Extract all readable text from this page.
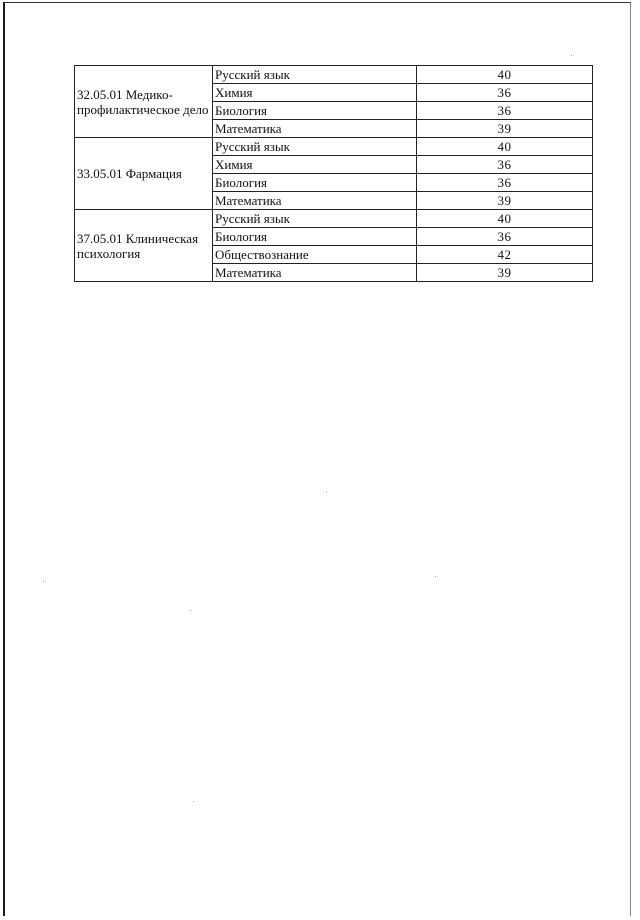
32.05.01 Медико-профилактическое дело	Русский язык	40
	Химия	36
	Биология	36
	Математика	39
33.05.01 Фармация	Русский язык	40
	Химия	36
	Биология	36
	Математика	39
37.05.01 Клиническая психология	Русский язык	40
	Биология	36
	Обществознание	42
	Математика	39
